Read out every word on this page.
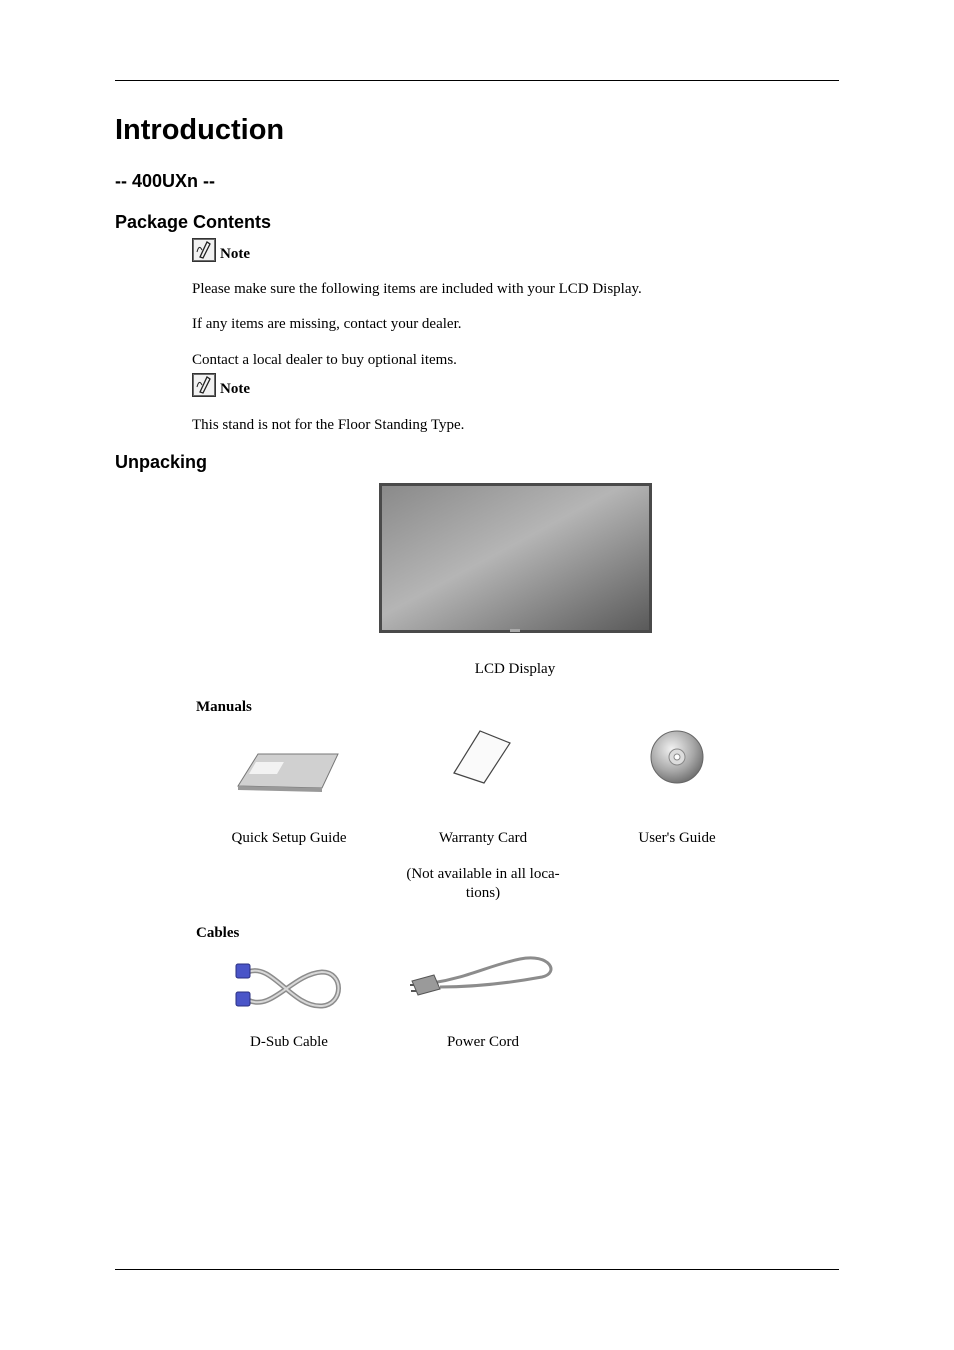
Introduction
-- 400UXn --
Package Contents
Note
Please make sure the following items are included with your LCD Display.
If any items are missing, contact your dealer.
Contact a local dealer to buy optional items.
Note
This stand is not for the Floor Standing Type.
Unpacking
LCD Display
Manuals
Quick Setup Guide	Warranty Card	User's Guide
(Not available in all loca-
tions)
Cables
D-Sub Cable	Power Cord
